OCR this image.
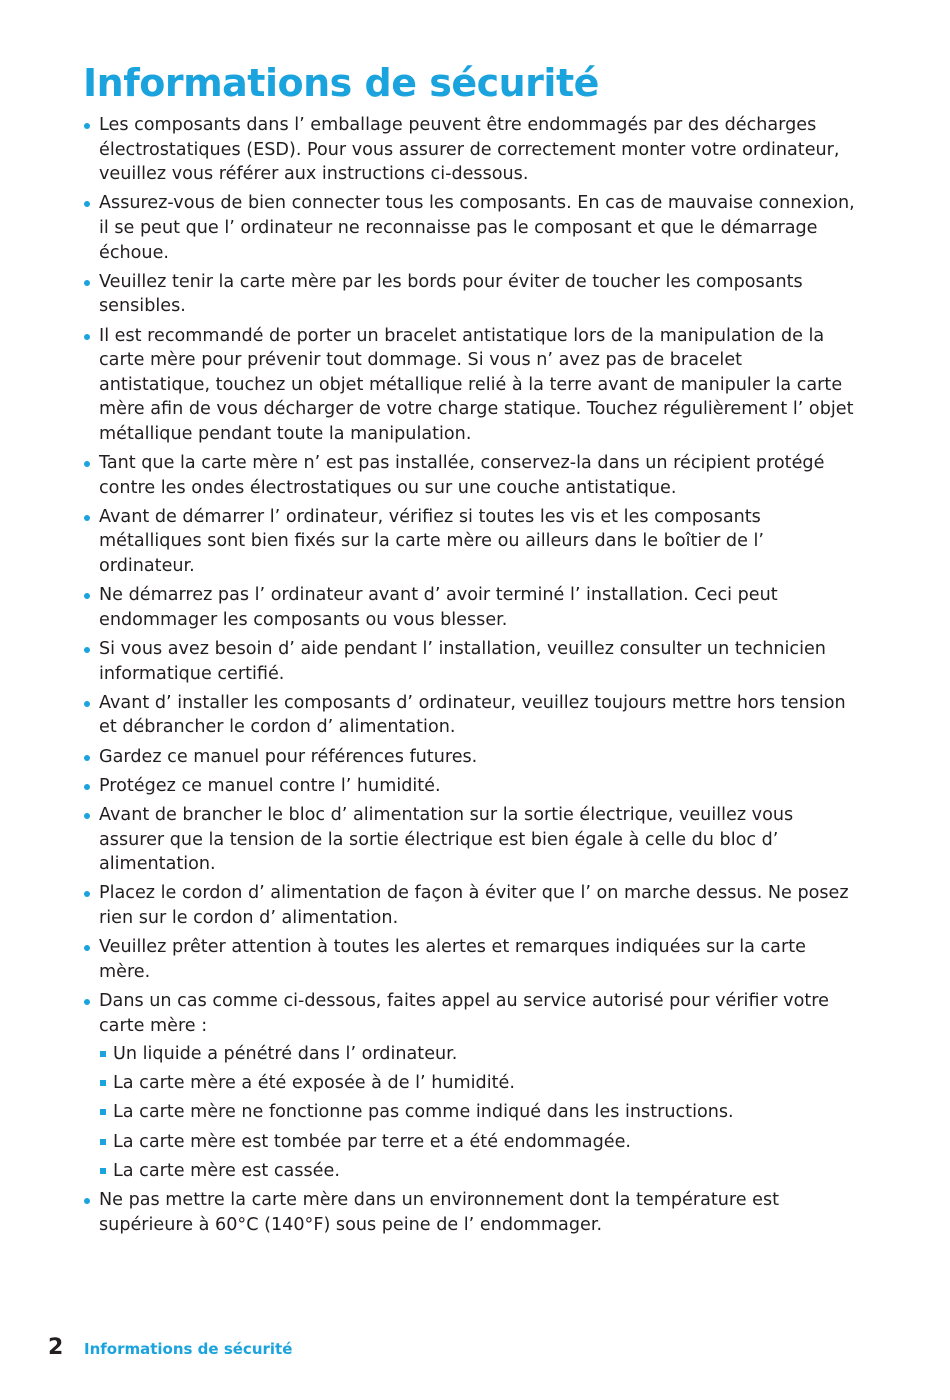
Informations de sécurité
Les composants dans l’ emballage peuvent être endommagés par des décharges électrostatiques (ESD). Pour vous assurer de correctement monter votre ordinateur, veuillez vous référer aux instructions ci-dessous.
Assurez-vous de bien connecter tous les composants. En cas de mauvaise connexion, il se peut que l’ ordinateur ne reconnaisse pas le composant et que le démarrage échoue.
Veuillez tenir la carte mère par les bords pour éviter de toucher les composants sensibles.
Il est recommandé de porter un bracelet antistatique lors de la manipulation de la carte mère pour prévenir tout dommage. Si vous n’ avez pas de bracelet antistatique, touchez un objet métallique relié à la terre avant de manipuler la carte mère afin de vous décharger de votre charge statique. Touchez régulièrement l’ objet métallique pendant toute la manipulation.
Tant que la carte mère n’ est pas installée, conservez-la dans un récipient protégé contre les ondes électrostatiques ou sur une couche antistatique.
Avant de démarrer l’ ordinateur, vérifiez si toutes les vis et les composants métalliques sont bien fixés sur la carte mère ou ailleurs dans le boîtier de l’ ordinateur.
Ne démarrez pas l’ ordinateur avant d’ avoir terminé l’ installation. Ceci peut endommager les composants ou vous blesser.
Si vous avez besoin d’ aide pendant l’ installation, veuillez consulter un technicien informatique certifié.
Avant d’ installer les composants d’ ordinateur, veuillez toujours mettre hors tension et débrancher le cordon d’ alimentation.
Gardez ce manuel pour références futures.
Protégez ce manuel contre l’ humidité.
Avant de brancher le bloc d’ alimentation sur la sortie électrique, veuillez vous assurer que la tension de la sortie électrique est bien égale à celle du bloc d’ alimentation.
Placez le cordon d’ alimentation de façon à éviter que l’ on marche dessus. Ne posez rien sur le cordon d’ alimentation.
Veuillez prêter attention à toutes les alertes et remarques indiquées sur la carte mère.
Dans un cas comme ci-dessous, faites appel au service autorisé pour vérifier votre carte mère :
Un liquide a pénétré dans l’ ordinateur.
La carte mère a été exposée à de l’ humidité.
La carte mère ne fonctionne pas comme indiqué dans les instructions.
La carte mère est tombée par terre et a été endommagée.
La carte mère est cassée.
Ne pas mettre la carte mère dans un environnement dont la température est supérieure à 60°C (140°F) sous peine de l’ endommager.
2	Informations de sécurité
